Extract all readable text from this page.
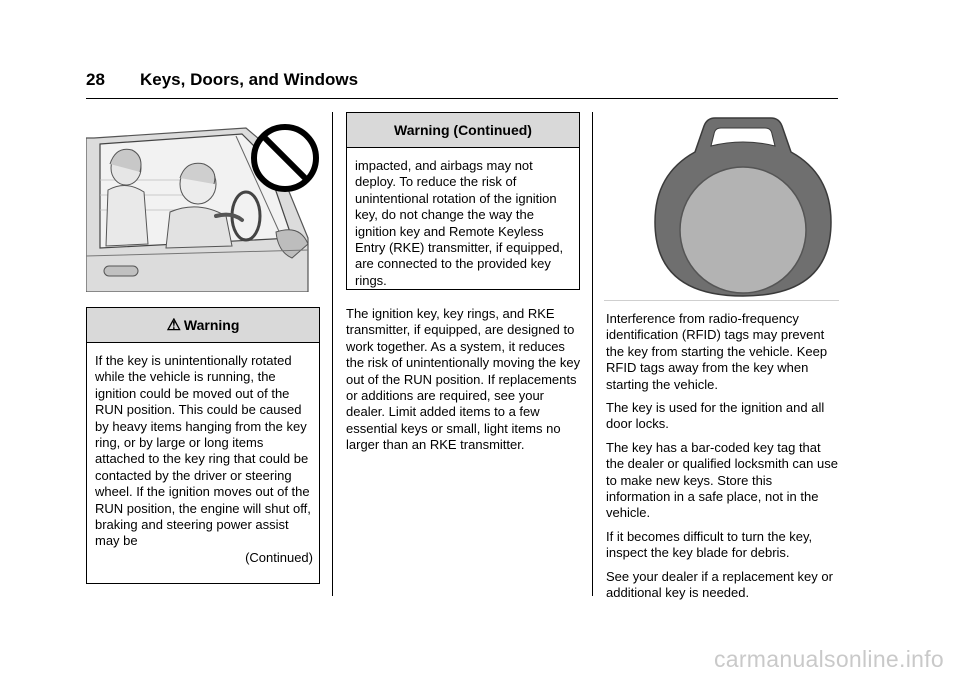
28 Keys, Doors, and Windows
⚠ Warning
If the key is unintentionally rotated while the vehicle is running, the ignition could be moved out of the RUN position. This could be caused by heavy items hanging from the key ring, or by large or long items attached to the key ring that could be contacted by the driver or steering wheel. If the ignition moves out of the RUN position, the engine will shut off, braking and steering power assist may be
(Continued)
Warning (Continued)
impacted, and airbags may not deploy. To reduce the risk of unintentional rotation of the ignition key, do not change the way the ignition key and Remote Keyless Entry (RKE) transmitter, if equipped, are connected to the provided key rings.

The ignition key, key rings, and RKE transmitter, if equipped, are designed to work together. As a system, it reduces the risk of unintentionally moving the key out of the RUN position. If replacements or additions are required, see your dealer. Limit added items to a few essential keys or small, light items no larger than an RKE transmitter.

Interference from radio-frequency identification (RFID) tags may prevent the key from starting the vehicle. Keep RFID tags away from the key when starting the vehicle.

The key is used for the ignition and all door locks.

The key has a bar-coded key tag that the dealer or qualified locksmith can use to make new keys. Store this information in a safe place, not in the vehicle.

If it becomes difficult to turn the key, inspect the key blade for debris.

See your dealer if a replacement key or additional key is needed.

carmanualsonline.info
